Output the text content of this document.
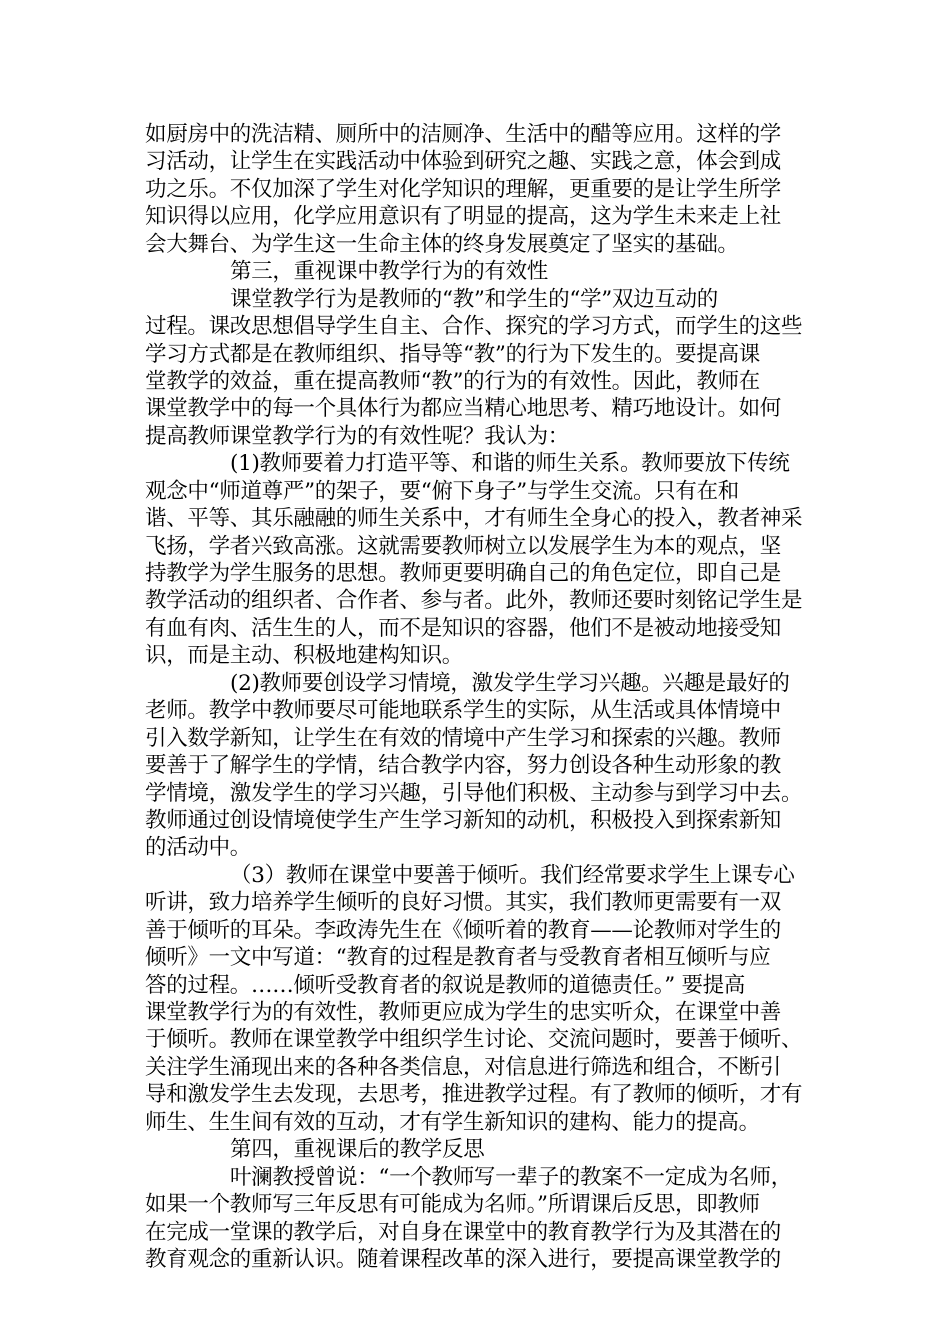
如厨房中的洗洁精、厕所中的洁厕净、生活中的醋等应用。这样的学
习活动，让学生在实践活动中体验到研究之趣、实践之意，体会到成
功之乐。不仅加深了学生对化学知识的理解，更重要的是让学生所学
知识得以应用，化学应用意识有了明显的提高，这为学生未来走上社
会大舞台、为学生这一生命主体的终身发展奠定了坚实的基础。
第三，重视课中教学行为的有效性
课堂教学行为是教师的“教”和学生的“学”双边互动的
过程。课改思想倡导学生自主、合作、探究的学习方式，而学生的这些
学习方式都是在教师组织、指导等“教”的行为下发生的。要提高课
堂教学的效益，重在提高教师“教”的行为的有效性。因此，教师在
课堂教学中的每一个具体行为都应当精心地思考、精巧地设计。如何
提高教师课堂教学行为的有效性呢？我认为：
(1)教师要着力打造平等、和谐的师生关系。教师要放下传统
观念中“师道尊严”的架子，要“俯下身子”与学生交流。只有在和
谐、平等、其乐融融的师生关系中，才有师生全身心的投入，教者神采
飞扬，学者兴致高涨。这就需要教师树立以发展学生为本的观点，坚
持教学为学生服务的思想。教师更要明确自己的角色定位，即自己是
教学活动的组织者、合作者、参与者。此外，教师还要时刻铭记学生是
有血有肉、活生生的人，而不是知识的容器，他们不是被动地接受知
识，而是主动、积极地建构知识。
(2)教师要创设学习情境，激发学生学习兴趣。兴趣是最好的
老师。教学中教师要尽可能地联系学生的实际，从生活或具体情境中
引入数学新知，让学生在有效的情境中产生学习和探索的兴趣。教师
要善于了解学生的学情，结合教学内容，努力创设各种生动形象的教
学情境，激发学生的学习兴趣，引导他们积极、主动参与到学习中去。
教师通过创设情境使学生产生学习新知的动机，积极投入到探索新知
的活动中。
（3）教师在课堂中要善于倾听。我们经常要求学生上课专心
听讲，致力培养学生倾听的良好习惯。其实，我们教师更需要有一双
善于倾听的耳朵。李政涛先生在《倾听着的教育——论教师对学生的
倾听》一文中写道：“教育的过程是教育者与受教育者相互倾听与应
答的过程。……倾听受教育者的叙说是教师的道德责任。” 要提高
课堂教学行为的有效性，教师更应成为学生的忠实听众，在课堂中善
于倾听。教师在课堂教学中组织学生讨论、交流问题时，要善于倾听、
关注学生涌现出来的各种各类信息，对信息进行筛选和组合，不断引
导和激发学生去发现，去思考，推进教学过程。有了教师的倾听，才有
师生、生生间有效的互动，才有学生新知识的建构、能力的提高。
第四，重视课后的教学反思
叶澜教授曾说：“一个教师写一辈子的教案不一定成为名师，
如果一个教师写三年反思有可能成为名师。”所谓课后反思，即教师
在完成一堂课的教学后，对自身在课堂中的教育教学行为及其潜在的
教育观念的重新认识。随着课程改革的深入进行，要提高课堂教学的
